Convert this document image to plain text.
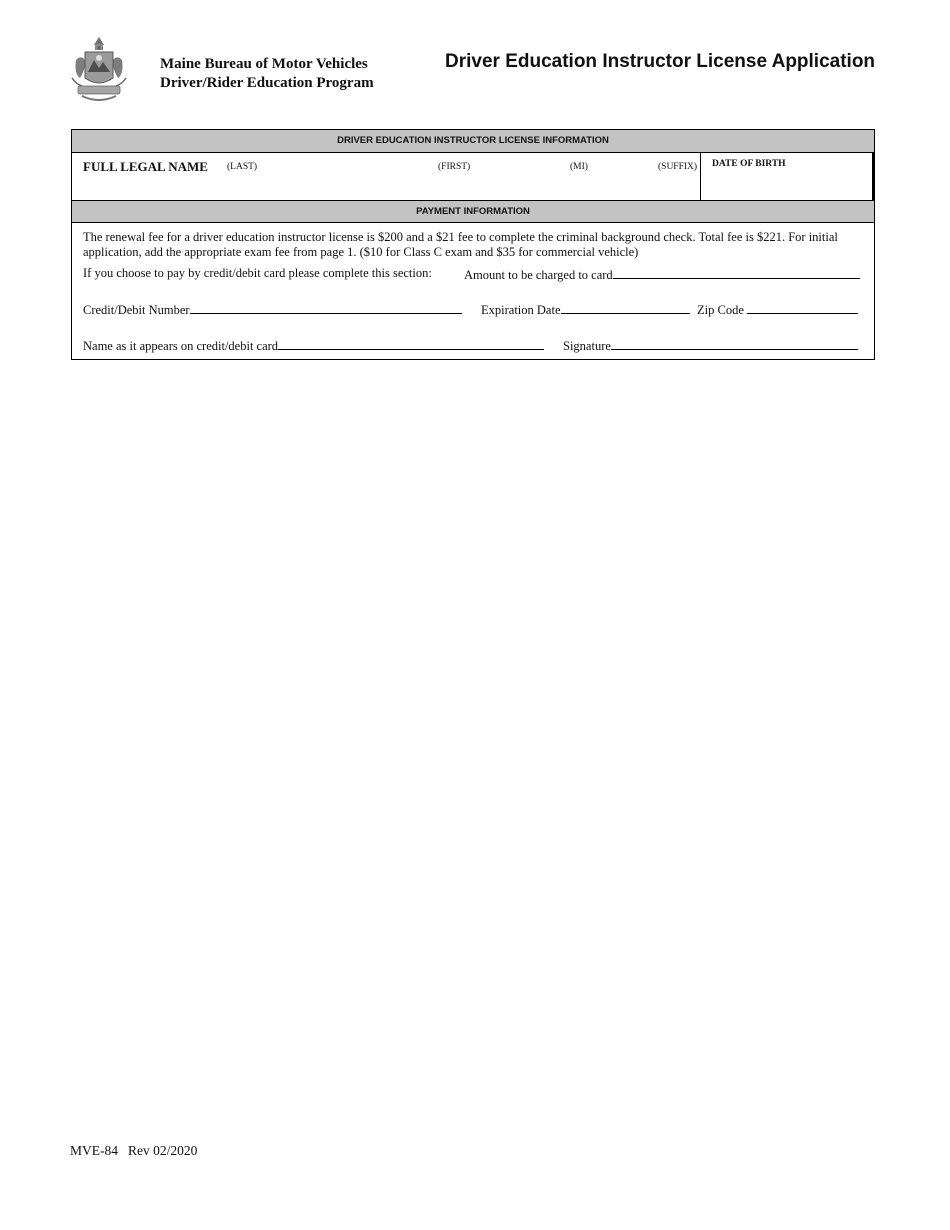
Maine Bureau of Motor Vehicles
Driver/Rider Education Program
Driver Education Instructor License Application
DRIVER EDUCATION INSTRUCTOR LICENSE INFORMATION
FULL LEGAL NAME (LAST)	(FIRST)	(MI)	(SUFFIX) DATE OF BIRTH
PAYMENT INFORMATION
The renewal fee for a driver education instructor license is $200 and a $21 fee to complete the criminal background check. Total fee is $221. For initial application, add the appropriate exam fee from page 1. ($10 for Class C exam and $35 for commercial vehicle)
If you choose to pay by credit/debit card please complete this section:	Amount to be charged to card
Credit/Debit Number	Expiration Date	Zip Code
Name as it appears on credit/debit card	Signature
MVE-84 Rev 02/2020
